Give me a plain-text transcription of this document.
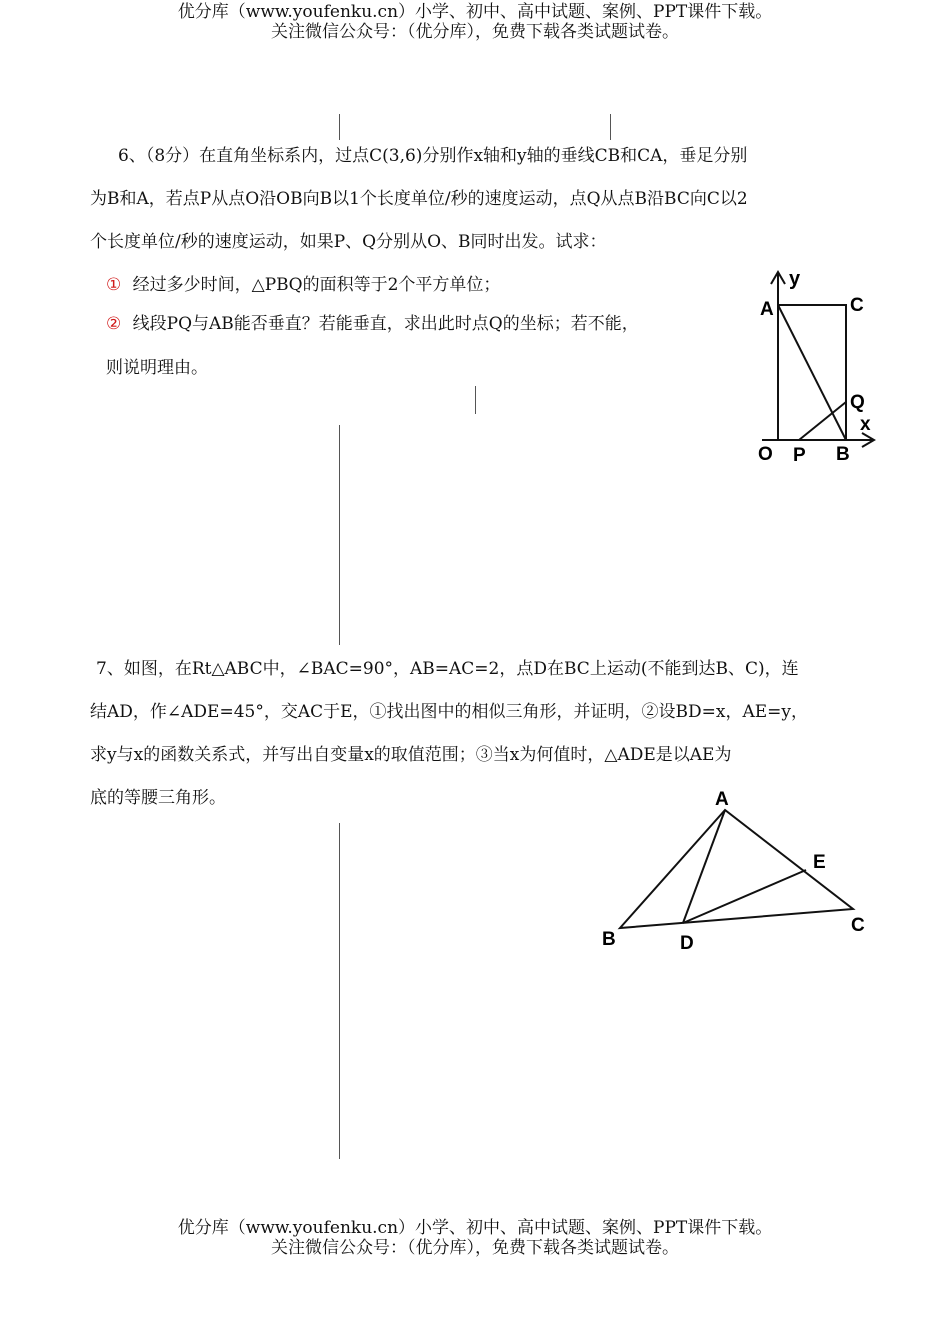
优分库（www.youfenku.cn）小学、初中、高中试题、案例、PPT课件下载。
关注微信公众号：（优分库），免费下载各类试题试卷。

6、（8分）在直角坐标系内，过点C(3,6)分别作x轴和y轴的垂线CB和CA，垂足分别

为B和A，若点P从点O沿OB向B以1个长度单位/秒的速度运动，点Q从点B沿BC向C以2

个长度单位/秒的速度运动，如果P、Q分别从O、B同时出发。试求：

① 经过多少时间，△PBQ的面积等于2个平方单位；
② 线段PQ与AB能否垂直？若能垂直，求出此时点Q的坐标；若不能，
则说明理由。
y
A	C
Q
x
O P B

7、如图，在Rt△ABC中，∠BAC=90°，AB=AC=2，点D在BC上运动(不能到达B、C)，连

结AD，作∠ADE=45°，交AC于E，①找出图中的相似三角形，并证明，②设BD=x，AE=y，

求y与x的函数关系式，并写出自变量x的取值范围；③当x为何值时，△ADE是以AE为

底的等腰三角形。	A
E
B	D
C
优分库（www.youfenku.cn）小学、初中、高中试题、案例、PPT课件下载。
关注微信公众号：（优分库），免费下载各类试题试卷。
